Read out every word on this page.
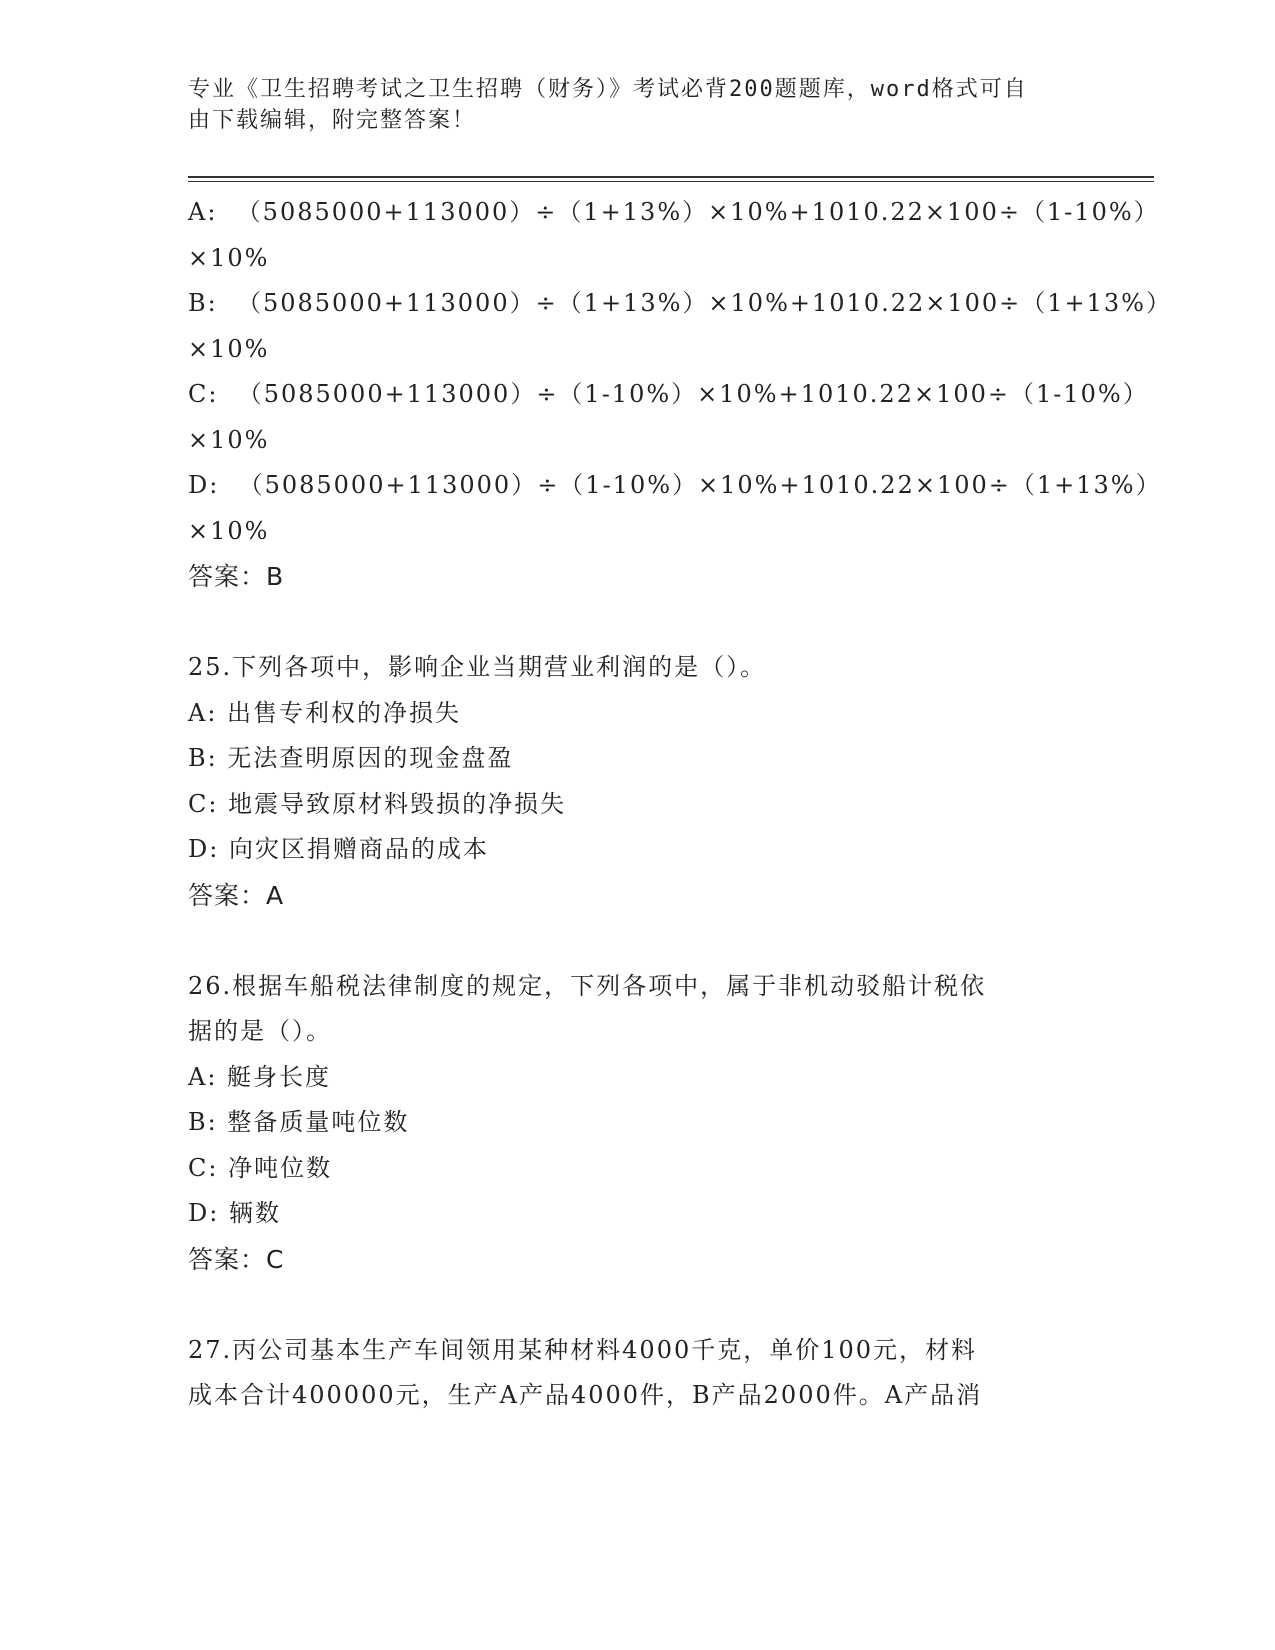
专业《卫生招聘考试之卫生招聘（财务）》考试必背200题题库，word格式可自
由下载编辑，附完整答案！
A:  （5085000+113000）÷（1+13%）×10%+1010.22×100÷（1-10%）
×10%
B:  （5085000+113000）÷（1+13%）×10%+1010.22×100÷（1+13%）
×10%
C:  （5085000+113000）÷（1-10%）×10%+1010.22×100÷（1-10%）
×10%
D:  （5085000+113000）÷（1-10%）×10%+1010.22×100÷（1+13%）
×10%
答案：B
25.下列各项中，影响企业当期营业利润的是（）。
A: 出售专利权的净损失
B: 无法查明原因的现金盘盈
C: 地震导致原材料毁损的净损失
D: 向灾区捐赠商品的成本
答案：A
26.根据车船税法律制度的规定，下列各项中，属于非机动驳船计税依
据的是（）。
A: 艇身长度
B: 整备质量吨位数
C: 净吨位数
D: 辆数
答案：C
27.丙公司基本生产车间领用某种材料4000千克，单价100元，材料
成本合计400000元，生产A产品4000件，B产品2000件。A产品消
